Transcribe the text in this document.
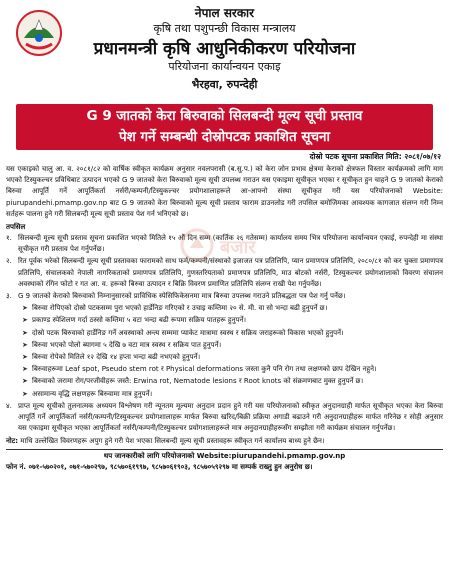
नेपाल सरकार
कृषि तथा पशुपन्छी विकास मन्त्रालय
प्रधानमन्त्री कृषि आधुनिकीकरण परियोजना
परियोजना कार्यान्वयन एकाइ
भैरहवा, रुपन्देही
G 9 जातको केरा बिरुवाको सिलबन्दी मूल्य सूची प्रस्ताव
पेश गर्ने सम्बन्धी दोस्रोपटक प्रकाशित सूचना
दोस्रो पटक सूचना प्रकाशित मिति: २०८१/०७/१२
यस एकाइको चालु आ. व. २०८१/८२ को वार्षिक स्वीकृत कार्यक्रम अनुसार नवलपरासी (ब.सु.प.) को केरा जोन प्रभाव क्षेत्रमा केराको क्षेत्रफल विस्तार कार्यक्रमको लागि माग भएको टिस्युकल्चर प्रविधिबाट उत्पादन भएको G 9 जातको केरा बिरुवाको मूल्य सूची उपलब्ध गराउन यस एकाइमा सूचीकृत भएका र सूचीकृत हुन चाहने G 9 जातको केराको बिरुवा आपूर्ति गर्ने आपूर्तिकर्ता नर्सरी/कम्पनी/टिस्युकल्चर प्रयोगशालाहरूले आ-आफ्नो संस्था सूचीकृत गरी यस परियोजनाको Website: piurupandehi.pmamp.gov.np बाट G 9 जातको केरा बिरुवाको मूल्य सूची प्रस्ताव फाराम डाउनलोड गरी तपसिल बमोजिमका आवश्यक कागजात संलग्न गरी निम्न सर्तहरू पालना हुने गरी सिलबन्दी मूल्य सूची प्रस्ताव पेश गर्न भनिएको छ।
तपसिल
१. सिलबन्दी मूल्य सूची प्रस्ताव सूचना प्रकाशित भएको मितिले १५ औं दिन सम्म (कार्तिक २६ गतेसम्म) कार्यालय समय भित्र परियोजना कार्यान्वयन एकाई, रुपन्देही मा संस्था सूचीकृत गरी प्रस्ताव पेश गर्नुपर्नेछ।
२. रित पूर्वक भरेको सिलबन्दी मूल्य सूची प्रस्तावका फारामको साथ फर्म/कम्पनी/संस्थाको इजाजत पत्र प्रतिलिपि, प्यान प्रमाणपत्र प्रतिलिपि, २०८०/८१ को कर चुक्ता प्रमाणपत्र प्रतिलिपि, संचालकको नेपाली नागरिकताको प्रमाणपत्र प्रतिलिपि, गुणस्तरियताको प्रमाणपत्र प्रतिलिपि, माउ बोटको नर्सरी, टिस्युकल्चर प्रयोगशालाको विवरण संचालन अवस्थाको रंगिन फोटो र गत आ. व. हरूको बिरुवा उत्पादन र बिक्रि विवरण प्रमाणित प्रतिलिपि संलग्न राखी पेश गर्नुपर्नेछ।
३. G 9 जातको केराको बिरुवाको निम्नानुसारको प्राविधिक स्पेसिफिकेसनमा मात्र बिरुवा उपलब्ध गराउने प्रतिबद्धता पत्र पेश गर्नु पर्नेछ।
➤ बिरुवा रोपिएको दोस्रो पटकसम्म पुरा भएको हार्डेनिङ गरिएको र उचाइ कम्तिमा २० से. मी. वा सो भन्दा बढी हुनुपर्ने छ।
➤ प्रकाण्ड स्पेशिलण गर्दा ठस्सो कम्तिमा ५ वटा भन्दा बढी रूपमा सक्रिय पातहरू हुनुपर्ने।
➤ दोस्रो पटक बिरुवाको हार्डेनिङ गर्ने अवस्थाको अन्त्य सम्ममा प्याकेट मात्रामा स्वस्थ र सक्रिय जराहरूको विकास भएको हुनुपर्ने।
➤ बिरुवा भएको पोलो ब्यागमा ५ देखि ७ वटा मात्र स्वस्थ र सक्रिय पात हुनुपर्ने।
➤ बिरुवा रोपेको मितिले १२ देखि १४ हप्ता भन्दा बढी नभएको हुनुपर्ने।
➤ बिरुवाहरूमा Leaf spot, Pseudo stem rot र Physical deformations जस्ता कुनै पनि रोग तथा लक्षणको छाप देखिन नहुने।
➤ बिरुवाको जरामा रोग/परजीवीहरू जस्तै: Erwina rot, Nematode lesions र Root knots को संक्रमणबाट मुक्त हुनुपर्ने छ।
➤ असामान्य वृद्धि लक्षणहरू बिरुवामा मात्र हुनुपर्ने।
४. प्राप्त मूल्य सूचीको तुलनात्मक अध्ययन विश्लेषण गरी न्यूनतम मूल्यमा अनुदान प्रदान हुने गरी यस परियोजनाको स्वीकृत अनुदानग्राही मार्फत सूचीकृत भएका केरा बिरुवा आपूर्ति गर्ने आपूर्तिकर्ता नर्सरी/कम्पनी/टिस्युकल्चर प्रयोगशालाहरू मार्फत बिरुवा खरिद/बिक्री प्रक्रिया अगाडी बढाउने गरी अनुदानग्राहीहरू मार्फत गरिनेछ र सोही अनुसार यस एकाइमा सूचीकृत भएका आपूर्तिकर्ता नर्सरी/कम्पनी/टिस्युकल्चर प्रयोगशालाहरूले मात्र अनुदानग्राहीहरूसँग सम्झौता गरी कार्यक्रम संचालन गर्नुपर्नेछ।
नोट: माथि उल्लेखित विवरणहरू अपुग हुने गरी पेश भएका सिलबन्दी मूल्य सूची प्रस्तावहरू स्वीकृत गर्न कार्यालय बाध्य हुने छैन।
थप जानकारीको लागि परियोजनाको Website:piurupandehi.pmamp.gov.np
फोन नं. ०७१-५७०२०१, ०७१-५७०२९७, ९८५७०६१९९७, ९८५७०६१९०३, ९८५७०५९२९७ मा सम्पर्क राख्नु हुन अनुरोध छ।
बजार
